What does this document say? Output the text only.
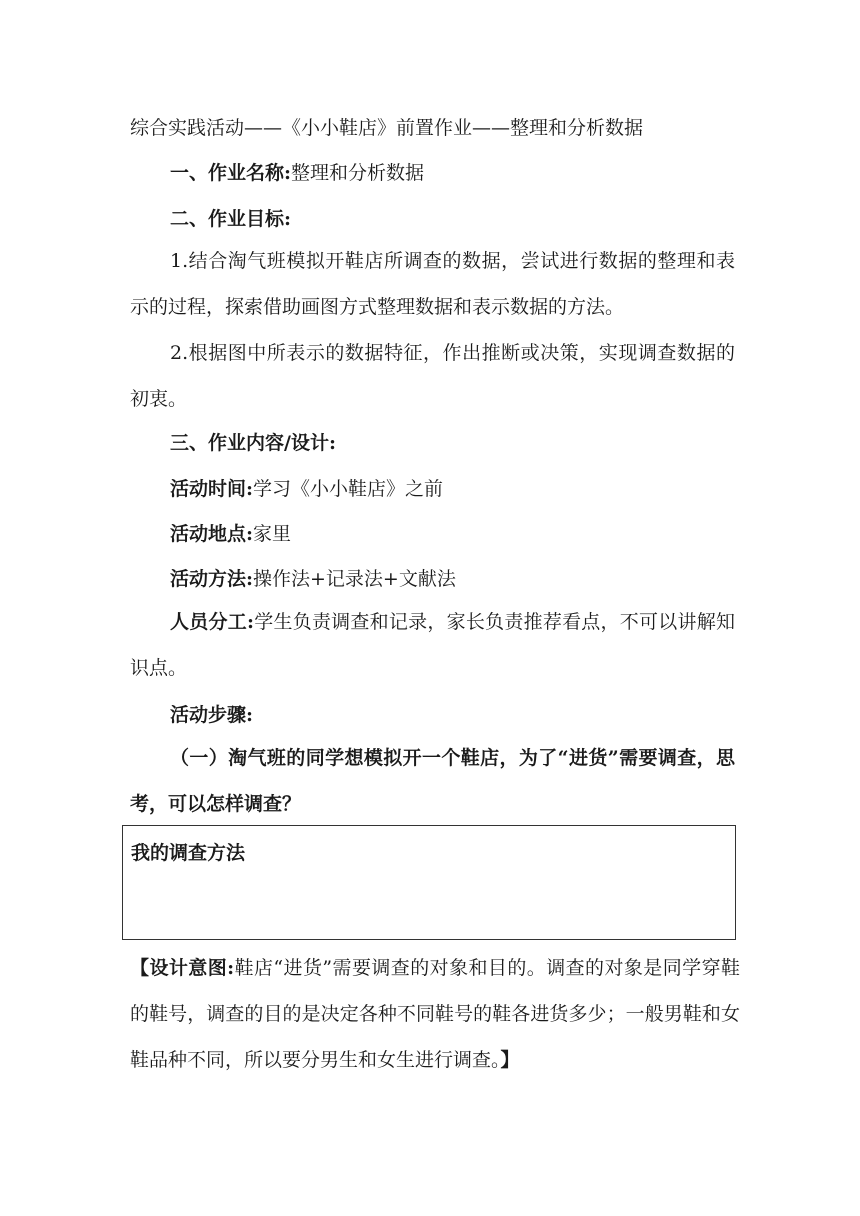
综合实践活动——《小小鞋店》前置作业——整理和分析数据
一、作业名称:整理和分析数据
二、作业目标:
1.结合淘气班模拟开鞋店所调查的数据，尝试进行数据的整理和表示的过程，探索借助画图方式整理数据和表示数据的方法。
2.根据图中所表示的数据特征，作出推断或决策，实现调查数据的初衷。
三、作业内容/设计:
活动时间:学习《小小鞋店》之前
活动地点:家里
活动方法:操作法+记录法+文献法
人员分工:学生负责调查和记录，家长负责推荐看点，不可以讲解知识点。
活动步骤:
（一）淘气班的同学想模拟开一个鞋店，为了“进货”需要调查，思考，可以怎样调查？
我的调查方法
【设计意图:鞋店“进货”需要调查的对象和目的。调查的对象是同学穿鞋的鞋号，调查的目的是决定各种不同鞋号的鞋各进货多少；一般男鞋和女鞋品种不同，所以要分男生和女生进行调查。】
